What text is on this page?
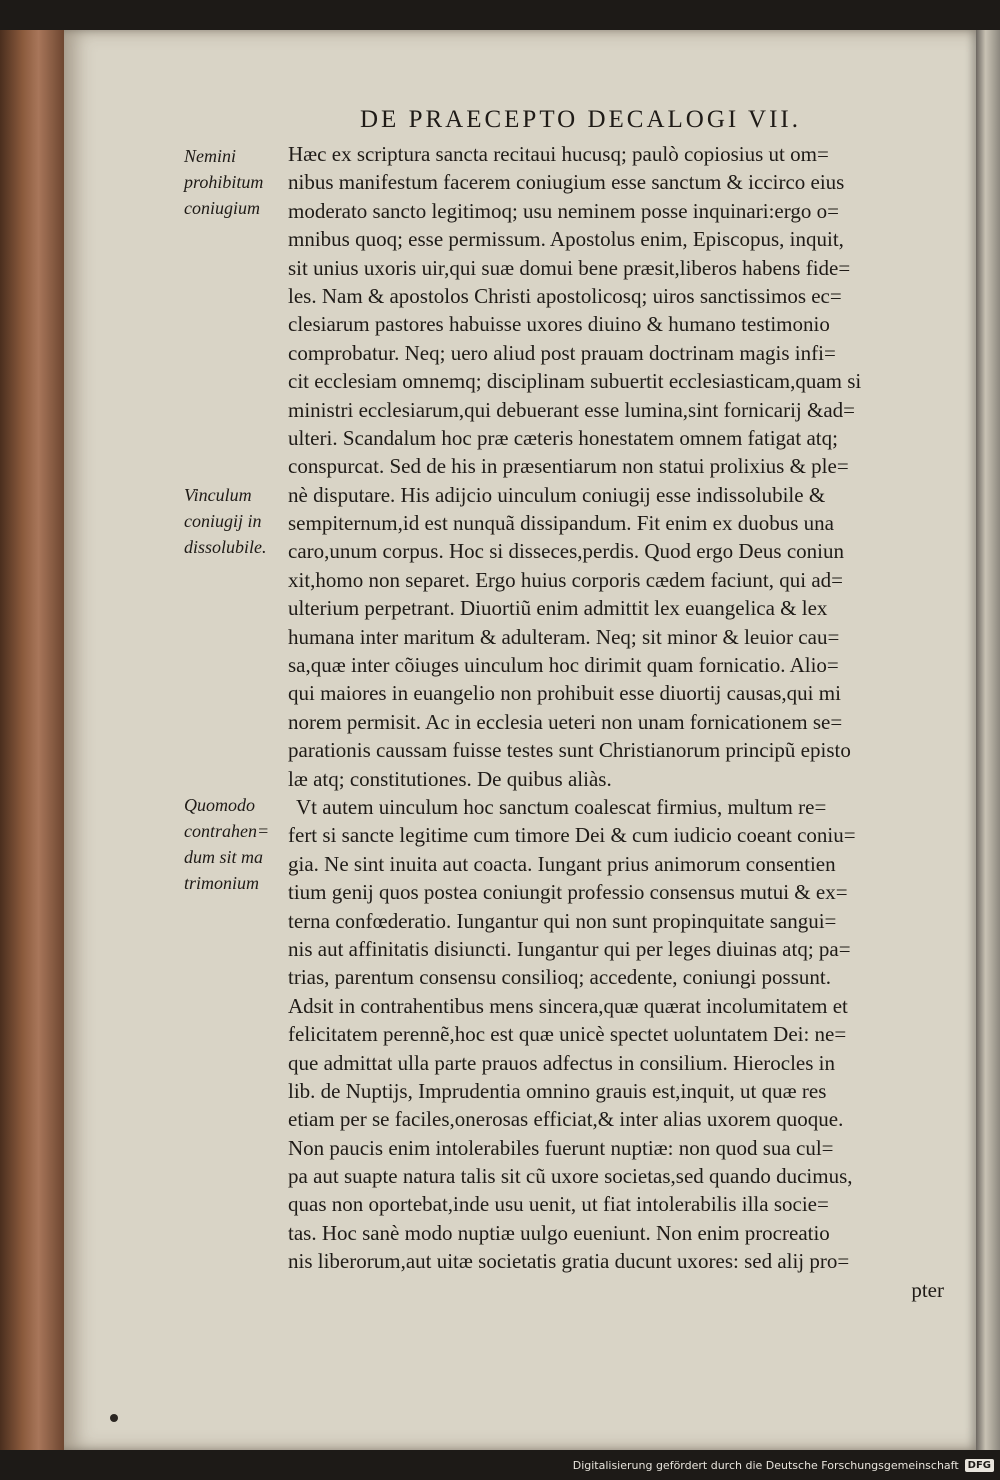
DE PRAECEPTO DECALOGI VII.
Nemini
prohibitum
coniugium
Vinculum
coniugij in
dissolubile.
Quomodo
contrahen=
dum sit ma
trimonium
Hæc ex scriptura sancta recitaui hucusq; paulò copiosius ut om=
nibus manifestum facerem coniugium esse sanctum & iccirco eius
moderato sancto legitimoq; usu neminem posse inquinari:ergo o=
mnibus quoq; esse permissum. Apostolus enim, Episcopus, inquit,
sit unius uxoris uir,qui suæ domui bene præsit,liberos habens fide=
les. Nam & apostolos Christi apostolicosq; uiros sanctissimos ec=
clesiarum pastores habuisse uxores diuino & humano testimonio
comprobatur. Neq; uero aliud post prauam doctrinam magis infi=
cit ecclesiam omnemq; disciplinam subuertit ecclesiasticam,quam si
ministri ecclesiarum,qui debuerant esse lumina,sint fornicarij &ad=
ulteri. Scandalum hoc præ cæteris honestatem omnem fatigat atq;
conspurcat. Sed de his in præsentiarum non statui prolixius & ple=
nè disputare. His adijcio uinculum coniugij esse indissolubile &
sempiternum,id est nunquã dissipandum. Fit enim ex duobus una
caro,unum corpus. Hoc si disseces,perdis. Quod ergo Deus coniun
xit,homo non separet. Ergo huius corporis cædem faciunt, qui ad=
ulterium perpetrant. Diuortiũ enim admittit lex euangelica & lex
humana inter maritum & adulteram. Neq; sit minor & leuior cau=
sa,quæ inter cõiuges uinculum hoc dirimit quam fornicatio. Alio=
qui maiores in euangelio non prohibuit esse diuortij causas,qui mi
norem permisit. Ac in ecclesia ueteri non unam fornicationem se=
parationis caussam fuisse testes sunt Christianorum principũ episto
læ atq; constitutiones. De quibus aliàs.
Vt autem uinculum hoc sanctum coalescat firmius, multum re=
fert si sancte legitime cum timore Dei & cum iudicio coeant coniu=
gia. Ne sint inuita aut coacta. Iungant prius animorum consentien
tium genij quos postea coniungit professio consensus mutui & ex=
terna confœderatio. Iungantur qui non sunt propinquitate sangui=
nis aut affinitatis disiuncti. Iungantur qui per leges diuinas atq; pa=
trias, parentum consensu consilioq; accedente, coniungi possunt.
Adsit in contrahentibus mens sincera,quæ quærat incolumitatem et
felicitatem perennẽ,hoc est quæ unicè spectet uoluntatem Dei: ne=
que admittat ulla parte prauos adfectus in consilium. Hierocles in
lib. de Nuptijs, Imprudentia omnino grauis est,inquit, ut quæ res
etiam per se faciles,onerosas efficiat,& inter alias uxorem quoque.
Non paucis enim intolerabiles fuerunt nuptiæ: non quod sua cul=
pa aut suapte natura talis sit cũ uxore societas,sed quando ducimus,
quas non oportebat,inde usu uenit, ut fiat intolerabilis illa socie=
tas. Hoc sanè modo nuptiæ uulgo eueniunt. Non enim procreatio
nis liberorum,aut uitæ societatis gratia ducunt uxores: sed alij pro=
pter
Digitalisierung gefördert durch die Deutsche Forschungsgemeinschaft DFG
